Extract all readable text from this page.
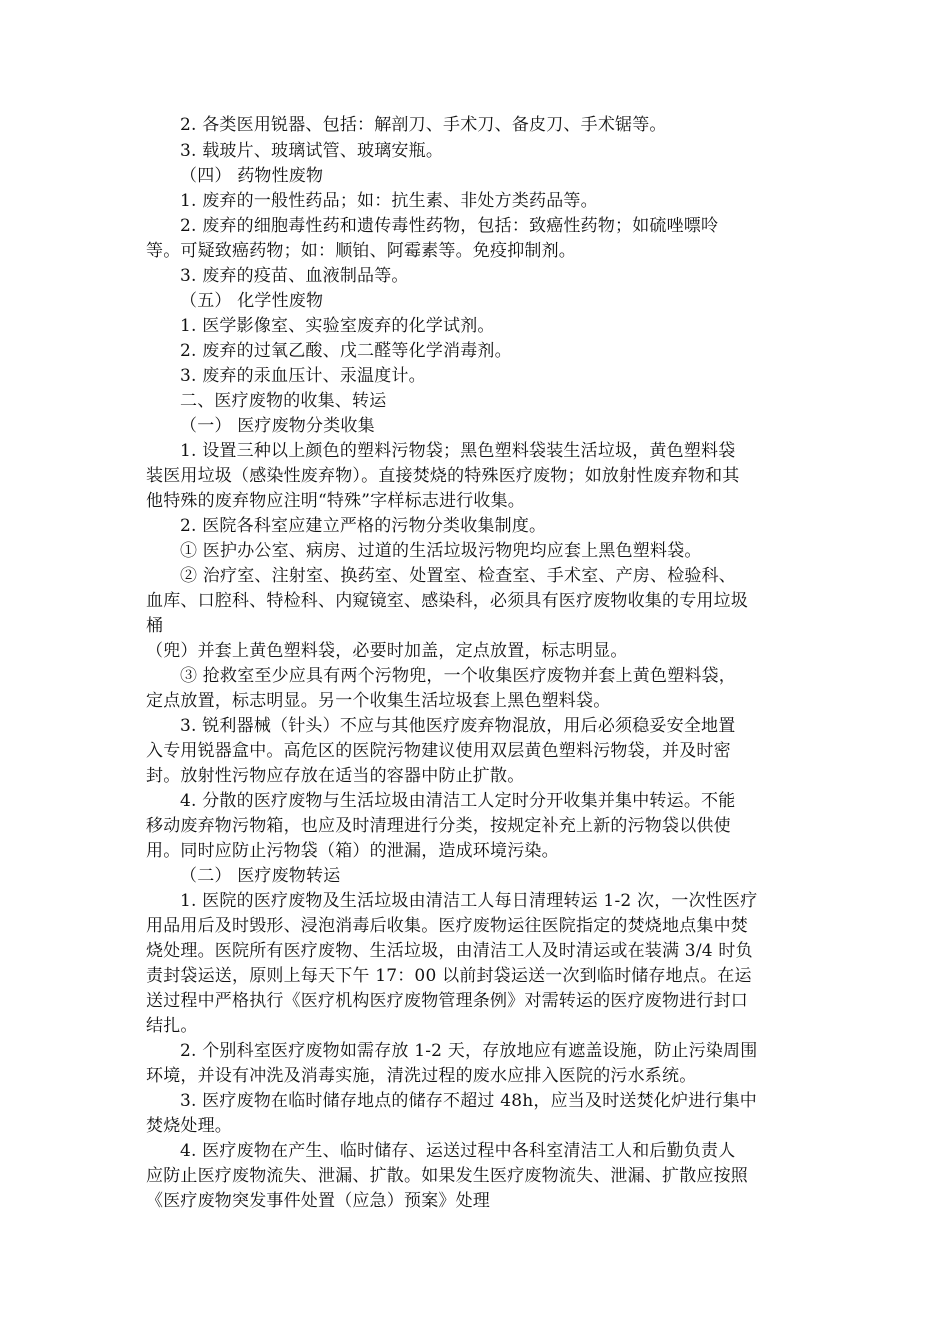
2. 各类医用锐器、包括：解剖刀、手术刀、备皮刀、手术锯等。
3. 载玻片、玻璃试管、玻璃安瓶。
（四） 药物性废物
1. 废弃的一般性药品；如：抗生素、非处方类药品等。
2. 废弃的细胞毒性药和遗传毒性药物，包括：致癌性药物；如硫唑嘌呤
等。可疑致癌药物；如：顺铂、阿霉素等。免疫抑制剂。
3. 废弃的疫苗、血液制品等。
（五） 化学性废物
1. 医学影像室、实验室废弃的化学试剂。
2. 废弃的过氧乙酸、戊二醛等化学消毒剂。
3. 废弃的汞血压计、汞温度计。
二、医疗废物的收集、转运
（一） 医疗废物分类收集
1. 设置三种以上颜色的塑料污物袋；黑色塑料袋装生活垃圾，黄色塑料袋
装医用垃圾（感染性废弃物）。直接焚烧的特殊医疗废物；如放射性废弃物和其
他特殊的废弃物应注明“特殊”字样标志进行收集。
2. 医院各科室应建立严格的污物分类收集制度。
① 医护办公室、病房、过道的生活垃圾污物兜均应套上黑色塑料袋。
② 治疗室、注射室、换药室、处置室、检查室、手术室、产房、检验科、
血库、口腔科、特检科、内窥镜室、感染科，必须具有医疗废物收集的专用垃圾
桶
（兜）并套上黄色塑料袋，必要时加盖，定点放置，标志明显。
③ 抢救室至少应具有两个污物兜，一个收集医疗废物并套上黄色塑料袋，
定点放置，标志明显。另一个收集生活垃圾套上黑色塑料袋。
3. 锐利器械（针头）不应与其他医疗废弃物混放，用后必须稳妥安全地置
入专用锐器盒中。高危区的医院污物建议使用双层黄色塑料污物袋，并及时密
封。放射性污物应存放在适当的容器中防止扩散。
4. 分散的医疗废物与生活垃圾由清洁工人定时分开收集并集中转运。不能
移动废弃物污物箱，也应及时清理进行分类，按规定补充上新的污物袋以供使
用。同时应防止污物袋（箱）的泄漏，造成环境污染。
（二） 医疗废物转运
1. 医院的医疗废物及生活垃圾由清洁工人每日清理转运 1-2 次，一次性医疗
用品用后及时毁形、浸泡消毒后收集。医疗废物运往医院指定的焚烧地点集中焚
烧处理。医院所有医疗废物、生活垃圾，由清洁工人及时清运或在装满 3/4 时负
责封袋运送，原则上每天下午 17：00 以前封袋运送一次到临时储存地点。在运
送过程中严格执行《医疗机构医疗废物管理条例》对需转运的医疗废物进行封口
结扎。
2. 个别科室医疗废物如需存放 1-2 天，存放地应有遮盖设施，防止污染周围
环境，并设有冲洗及消毒实施，清洗过程的废水应排入医院的污水系统。
3. 医疗废物在临时储存地点的储存不超过 48h，应当及时送焚化炉进行集中
焚烧处理。
4. 医疗废物在产生、临时储存、运送过程中各科室清洁工人和后勤负责人
应防止医疗废物流失、泄漏、扩散。如果发生医疗废物流失、泄漏、扩散应按照
《医疗废物突发事件处置（应急）预案》处理
